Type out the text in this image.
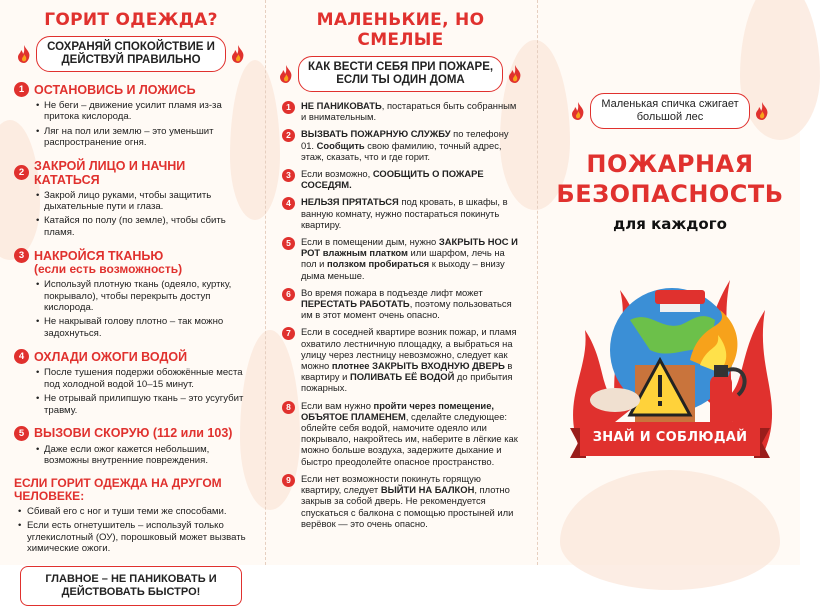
ГОРИТ ОДЕЖДА?
СОХРАНЯЙ СПОКОЙСТВИЕ И ДЕЙСТВУЙ ПРАВИЛЬНО
1 ОСТАНОВИСЬ И ЛОЖИСЬ
• Не беги – движение усилит пламя из-за притока кислорода.
• Ляг на пол или землю – это уменьшит распространение огня.
2 ЗАКРОЙ ЛИЦО И НАЧНИ КАТАТЬСЯ
• Закрой лицо руками, чтобы защитить дыхательные пути и глаза.
• Катайся по полу (по земле), чтобы сбить пламя.
3 НАКРОЙСЯ ТКАНЬЮ
(если есть возможность)
• Используй плотную ткань (одеяло, куртку, покрывало), чтобы перекрыть доступ кислорода.
• Не накрывай голову плотно – так можно задохнуться.
4 ОХЛАДИ ОЖОГИ ВОДОЙ
• После тушения подержи обожжённые места под холодной водой 10–15 минут.
• Не отрывай прилипшую ткань – это усугубит травму.
5 ВЫЗОВИ СКОРУЮ (112 или 103)
• Даже если ожог кажется небольшим, возможны внутренние повреждения.
ЕСЛИ ГОРИТ ОДЕЖДА НА ДРУГОМ ЧЕЛОВЕКЕ:
• Сбивай его с ног и туши теми же способами.
• Если есть огнетушитель – используй только углекислотный (ОУ), порошковый может вызвать химические ожоги.
ГЛАВНОЕ – НЕ ПАНИКОВАТЬ И ДЕЙСТВОВАТЬ БЫСТРО!
МАЛЕНЬКИЕ, НО СМЕЛЫЕ
КАК ВЕСТИ СЕБЯ ПРИ ПОЖАРЕ, ЕСЛИ ТЫ ОДИН ДОМА
1	НЕ ПАНИКОВАТЬ, постараться быть собранным и внимательным.

2	ВЫЗВАТЬ ПОЖАРНУЮ СЛУЖБУ по телефону 01. Сообщить свою фамилию, точный адрес, этаж, сказать, что и где горит.

3	Если возможно, СООБЩИТЬ О ПОЖАРЕ СОСЕДЯМ.

4	НЕЛЬЗЯ ПРЯТАТЬСЯ под кровать, в шкафы, в ванную комнату, нужно постараться покинуть квартиру.

5	Если в помещении дым, нужно ЗАКРЫТЬ НОС И РОТ влажным платком или шарфом, лечь на пол и ползком пробираться к выходу – внизу дыма меньше.

6	Во время пожара в подъезде лифт может ПЕРЕСТАТЬ РАБОТАТЬ, поэтому пользоваться им в этот момент очень опасно.

7	Если в соседней квартире возник пожар, и пламя охватило лестничную площадку, а выбраться на улицу через лестницу невозможно, следует как можно плотнее ЗАКРЫТЬ ВХОДНУЮ ДВЕРЬ в квартиру и ПОЛИВАТЬ ЕЁ ВОДОЙ до прибытия пожарных.

8	Если вам нужно пройти через помещение, ОБЪЯТОЕ ПЛАМЕНЕМ, сделайте следующее: облейте себя водой, намочите одеяло или покрывало, накройтесь им, наберите в лёгкие как можно больше воздуха, задержите дыхание и быстро преодолейте опасное пространство.

9	Если нет возможности покинуть горящую квартиру, следует ВЫЙТИ НА БАЛКОН, плотно закрыв за собой дверь. Не рекомендуется спускаться с балкона с помощью простыней или верёвок — это очень опасно.

Маленькая спичка сжигает большой лес
ПОЖАРНАЯ
БЕЗОПАСНОСТЬ
для каждого
ЗНАЙ И СОБЛЮДАЙ
